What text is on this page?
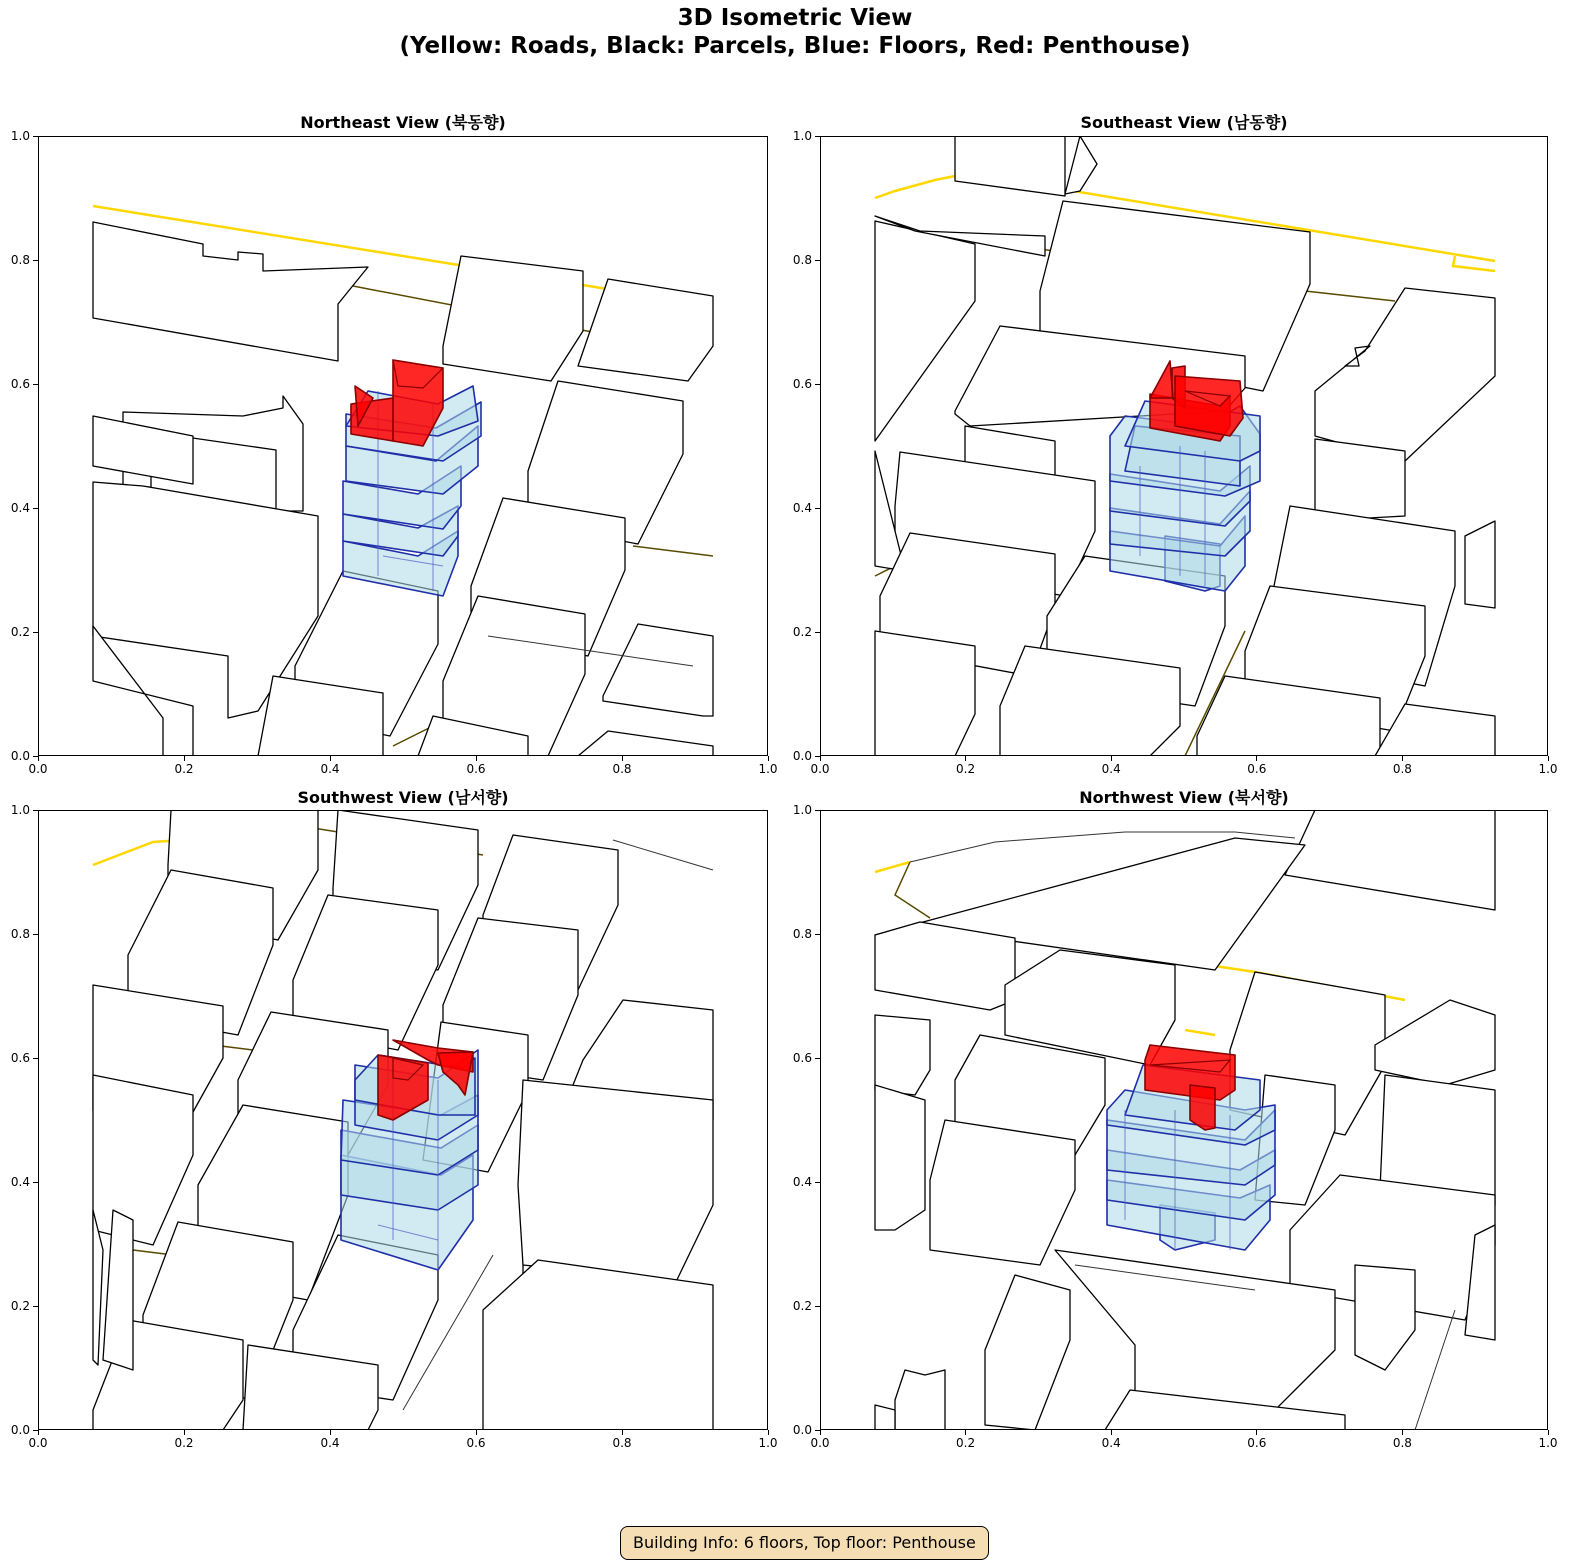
3D Isometric View
(Yellow: Roads, Black: Parcels, Blue: Floors, Red: Penthouse)
Northeast View (북동향)	Southeast View (남동향)
Southwest View (남서향)	Northwest View (북서향)
0.0	0.2	0.4	0.6	0.8	1.0
0.0
0.2
0.4
0.6
0.8
1.0
0.0	0.2	0.4	0.6	0.8	1.0
0.0
0.2
0.4
0.6
0.8
1.0
0.0	0.2	0.4	0.6	0.8	1.0
0.0
0.2
0.4
0.6
0.8
1.0
0.0	0.2	0.4	0.6	0.8	1.0
0.0
0.2
0.4
0.6
0.8
1.0
Building Info: 6 floors, Top floor: Penthouse
